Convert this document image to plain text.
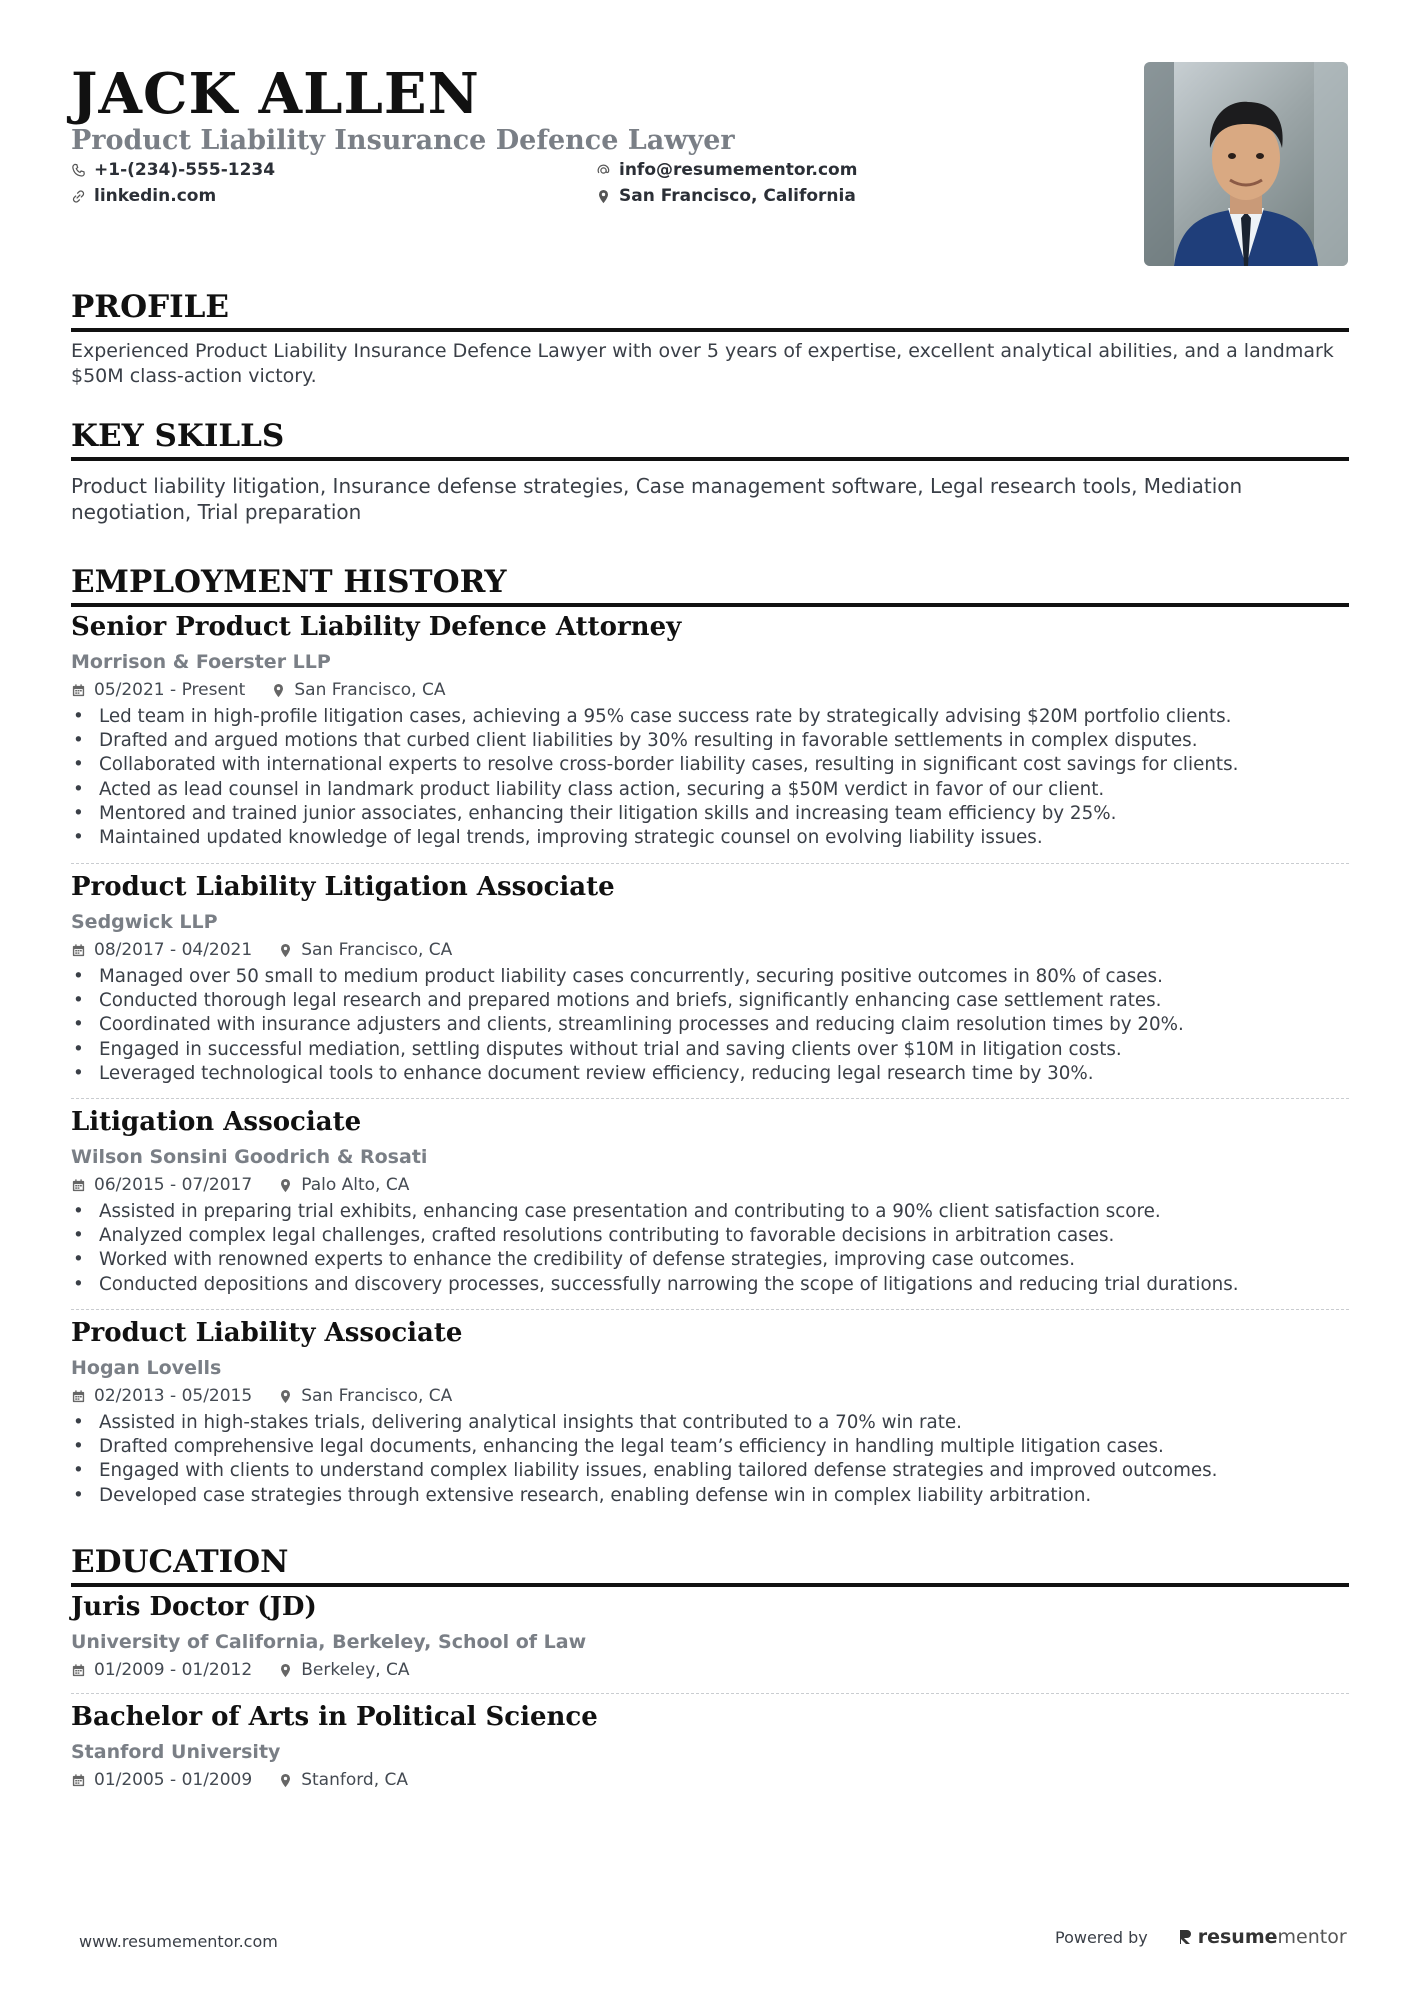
JACK ALLEN
Product Liability Insurance Defence Lawyer
+1-(234)-555-1234
linkedin.com
info@resumementor.com
San Francisco, California
PROFILE

Experienced Product Liability Insurance Defence Lawyer with over 5 years of expertise, excellent analytical abilities, and a landmark $50M class-action victory.

KEY SKILLS

Product liability litigation, Insurance defense strategies, Case management software, Legal research tools, Mediation negotiation, Trial preparation

EMPLOYMENT HISTORY
Senior Product Liability Defence Attorney
Morrison & Foerster LLP
05/2021 - Present	San Francisco, CA
• Led team in high-profile litigation cases, achieving a 95% case success rate by strategically advising $20M portfolio clients.
• Drafted and argued motions that curbed client liabilities by 30% resulting in favorable settlements in complex disputes.
• Collaborated with international experts to resolve cross-border liability cases, resulting in significant cost savings for clients.
• Acted as lead counsel in landmark product liability class action, securing a $50M verdict in favor of our client.
• Mentored and trained junior associates, enhancing their litigation skills and increasing team efficiency by 25%.
• Maintained updated knowledge of legal trends, improving strategic counsel on evolving liability issues.
Product Liability Litigation Associate
Sedgwick LLP
08/2017 - 04/2021	San Francisco, CA
• Managed over 50 small to medium product liability cases concurrently, securing positive outcomes in 80% of cases.
• Conducted thorough legal research and prepared motions and briefs, significantly enhancing case settlement rates.
• Coordinated with insurance adjusters and clients, streamlining processes and reducing claim resolution times by 20%.
• Engaged in successful mediation, settling disputes without trial and saving clients over $10M in litigation costs.
• Leveraged technological tools to enhance document review efficiency, reducing legal research time by 30%.
Litigation Associate
Wilson Sonsini Goodrich & Rosati
06/2015 - 07/2017	Palo Alto, CA
• Assisted in preparing trial exhibits, enhancing case presentation and contributing to a 90% client satisfaction score.
• Analyzed complex legal challenges, crafted resolutions contributing to favorable decisions in arbitration cases.
• Worked with renowned experts to enhance the credibility of defense strategies, improving case outcomes.
• Conducted depositions and discovery processes, successfully narrowing the scope of litigations and reducing trial durations.
Product Liability Associate
Hogan Lovells
02/2013 - 05/2015	San Francisco, CA
• Assisted in high-stakes trials, delivering analytical insights that contributed to a 70% win rate.
• Drafted comprehensive legal documents, enhancing the legal team’s efficiency in handling multiple litigation cases.
• Engaged with clients to understand complex liability issues, enabling tailored defense strategies and improved outcomes.
• Developed case strategies through extensive research, enabling defense win in complex liability arbitration.
EDUCATION
Juris Doctor (JD)
University of California, Berkeley, School of Law
01/2009 - 01/2012	Berkeley, CA
Bachelor of Arts in Political Science
Stanford University
01/2005 - 01/2009	Stanford, CA
www.resumementor.com	Powered by	resume mentor
